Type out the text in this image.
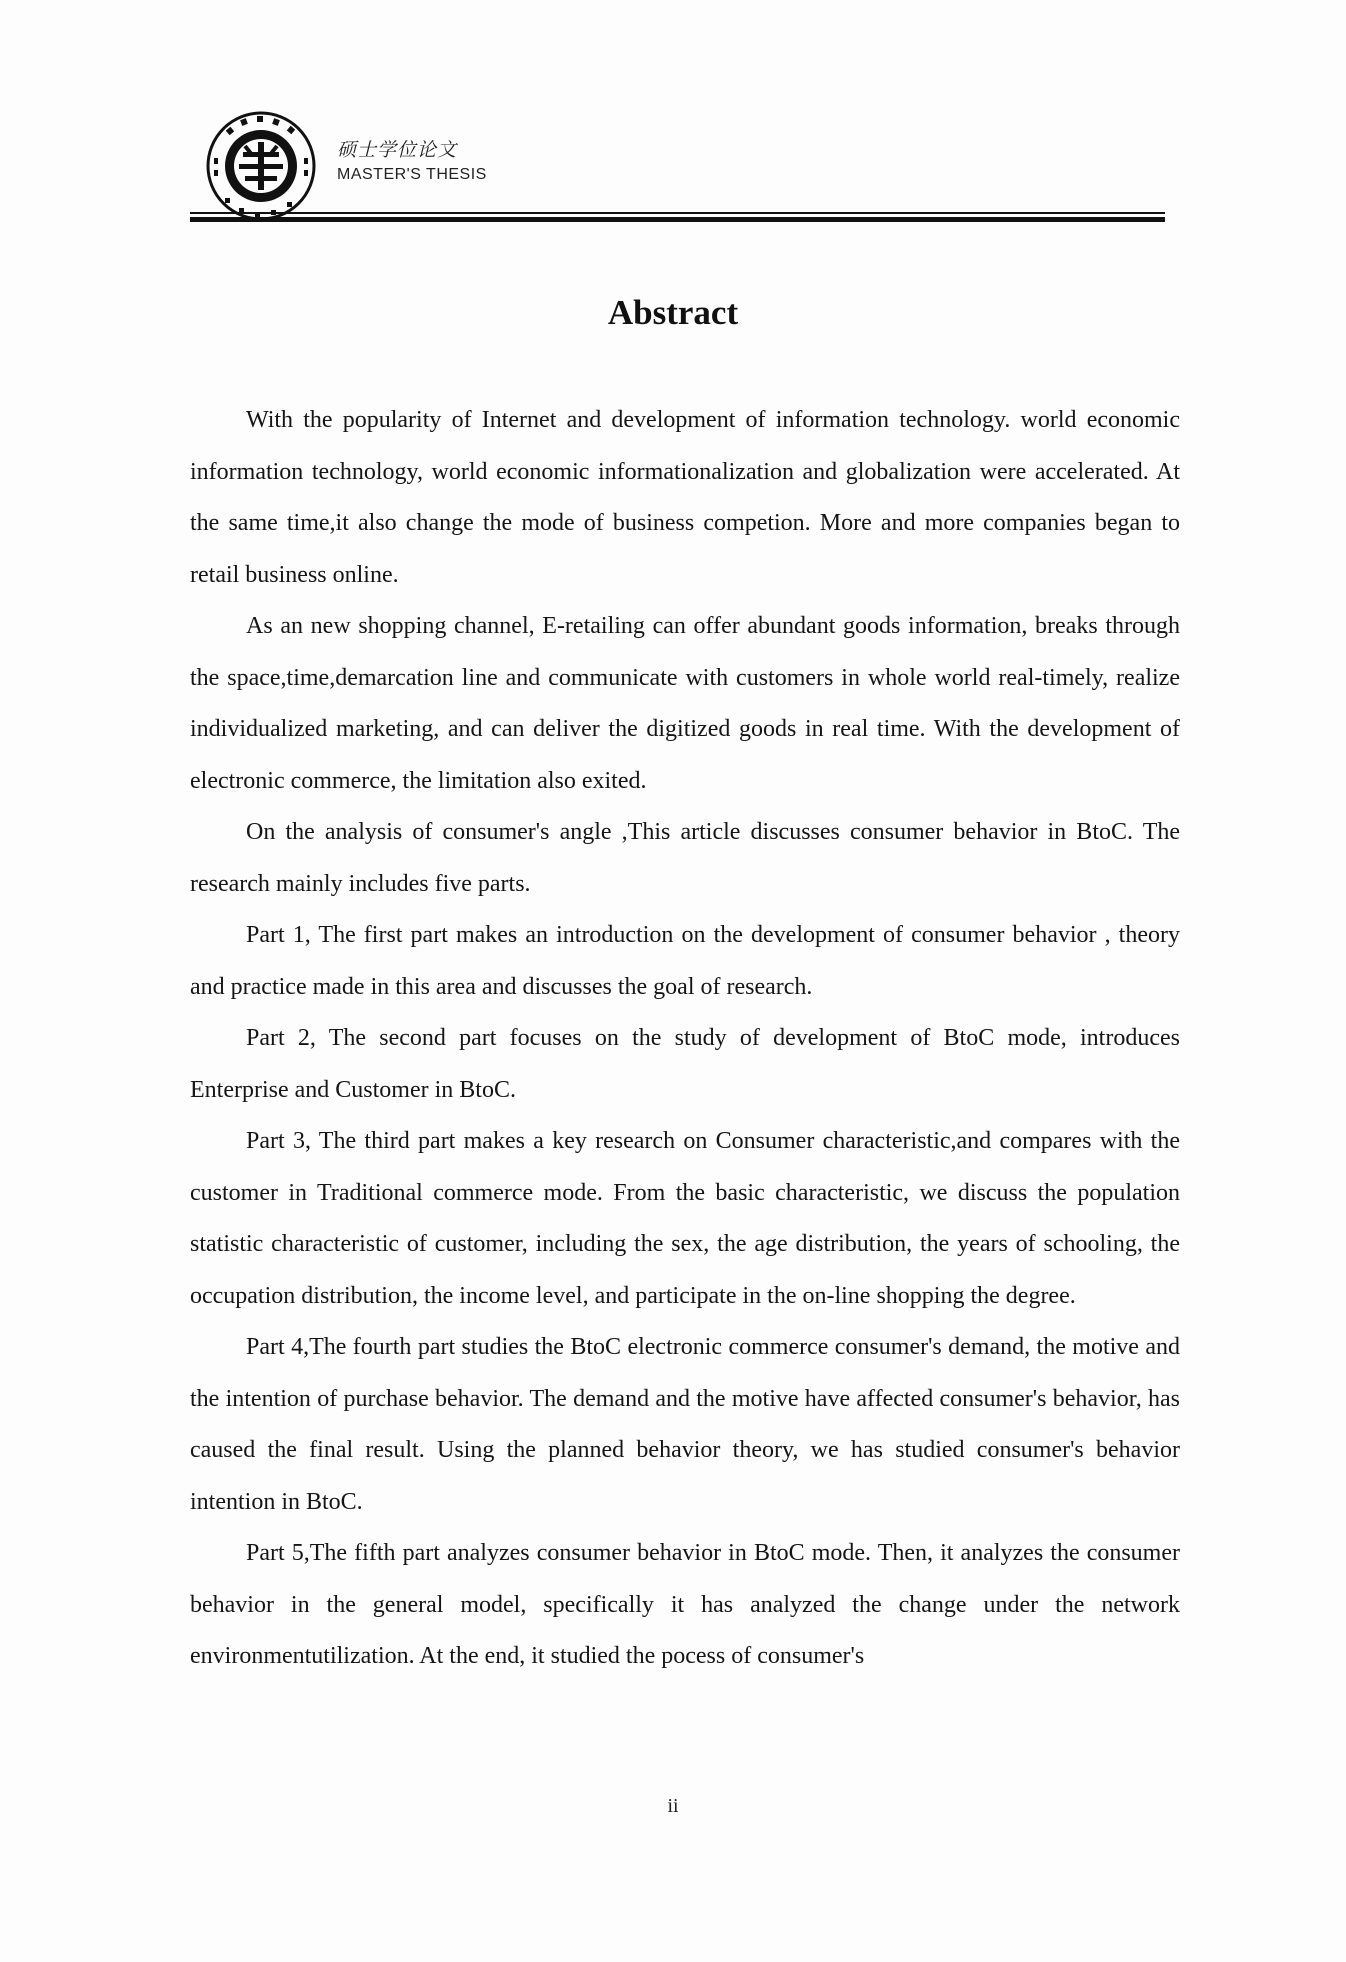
硕士学位论文
MASTER'S THESIS
Abstract

With the popularity of Internet and development of information technology. world economic information technology, world economic informationalization and globalization were accelerated. At the same time,it also change the mode of business competion. More and more companies began to retail business online.

As an new shopping channel, E-retailing can offer abundant goods information, breaks through the space,time,demarcation line and communicate with customers in whole world real-timely, realize individualized marketing, and can deliver the digitized goods in real time. With the development of electronic commerce, the limitation also exited.

On the analysis of consumer's angle ,This article discusses consumer behavior in BtoC. The research mainly includes five parts.

Part 1, The first part makes an introduction on the development of consumer behavior , theory and practice made in this area and discusses the goal of research.

Part 2, The second part focuses on the study of development of BtoC mode, introduces Enterprise and Customer in BtoC.

Part 3, The third part makes a key research on Consumer characteristic,and compares with the customer in Traditional commerce mode. From the basic characteristic, we discuss the population statistic characteristic of customer, including the sex, the age distribution, the years of schooling, the occupation distribution, the income level, and participate in the on-line shopping the degree.

Part 4,The fourth part studies the BtoC electronic commerce consumer's demand, the motive and the intention of purchase behavior. The demand and the motive have affected consumer's behavior, has caused the final result. Using the planned behavior theory, we has studied consumer's behavior intention in BtoC.

Part 5,The fifth part analyzes consumer behavior in BtoC mode. Then, it analyzes the consumer behavior in the general model, specifically it has analyzed the change under the network environmentutilization. At the end, it studied the pocess of consumer's

ii
